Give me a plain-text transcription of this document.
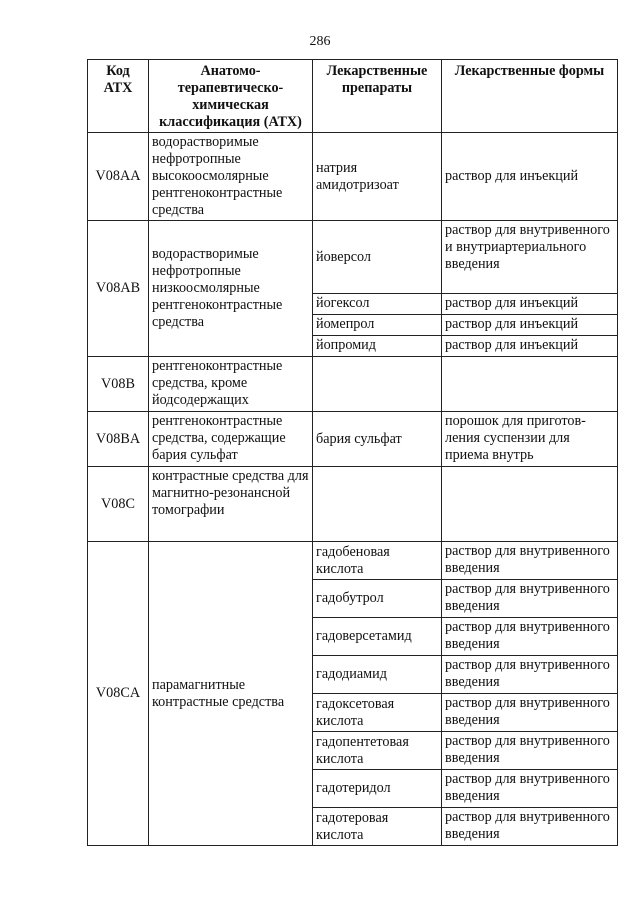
286
Код АТХ	Анатомо-терапевтическо-химическая классификация (АТХ)	Лекарственные препараты	Лекарственные формы
V08AA	водорастворимые нефротропные высокоосмолярные рентгеноконтрастные средства	натрия амидотризоат	раствор для инъекций
V08AB	водорастворимые нефротропные низкоосмолярные рентгеноконтрастные средства	йоверсол	раствор для внутривенного и внутриартериального введения
		йогексол	раствор для инъекций
		йомепрол	раствор для инъекций
		йопромид	раствор для инъекций
V08B	рентгеноконтрастные средства, кроме йодсодержащих		
V08BA	рентгеноконтрастные средства, содержащие бария сульфат	бария сульфат	порошок для приготов-ления суспензии для приема внутрь
V08C	контрастные средства для магнитно-резонансной томографии		
V08CA	парамагнитные контрастные средства	гадобеновая кислота	раствор для внутривенного введения
		гадобутрол	раствор для внутривенного введения
		гадоверсетамид	раствор для внутривенного введения
		гадодиамид	раствор для внутривенного введения
		гадоксетовая кислота	раствор для внутривенного введения
		гадопентетовая кислота	раствор для внутривенного введения
		гадотеридол	раствор для внутривенного введения
		гадотеровая кислота	раствор для внутривенного введения
